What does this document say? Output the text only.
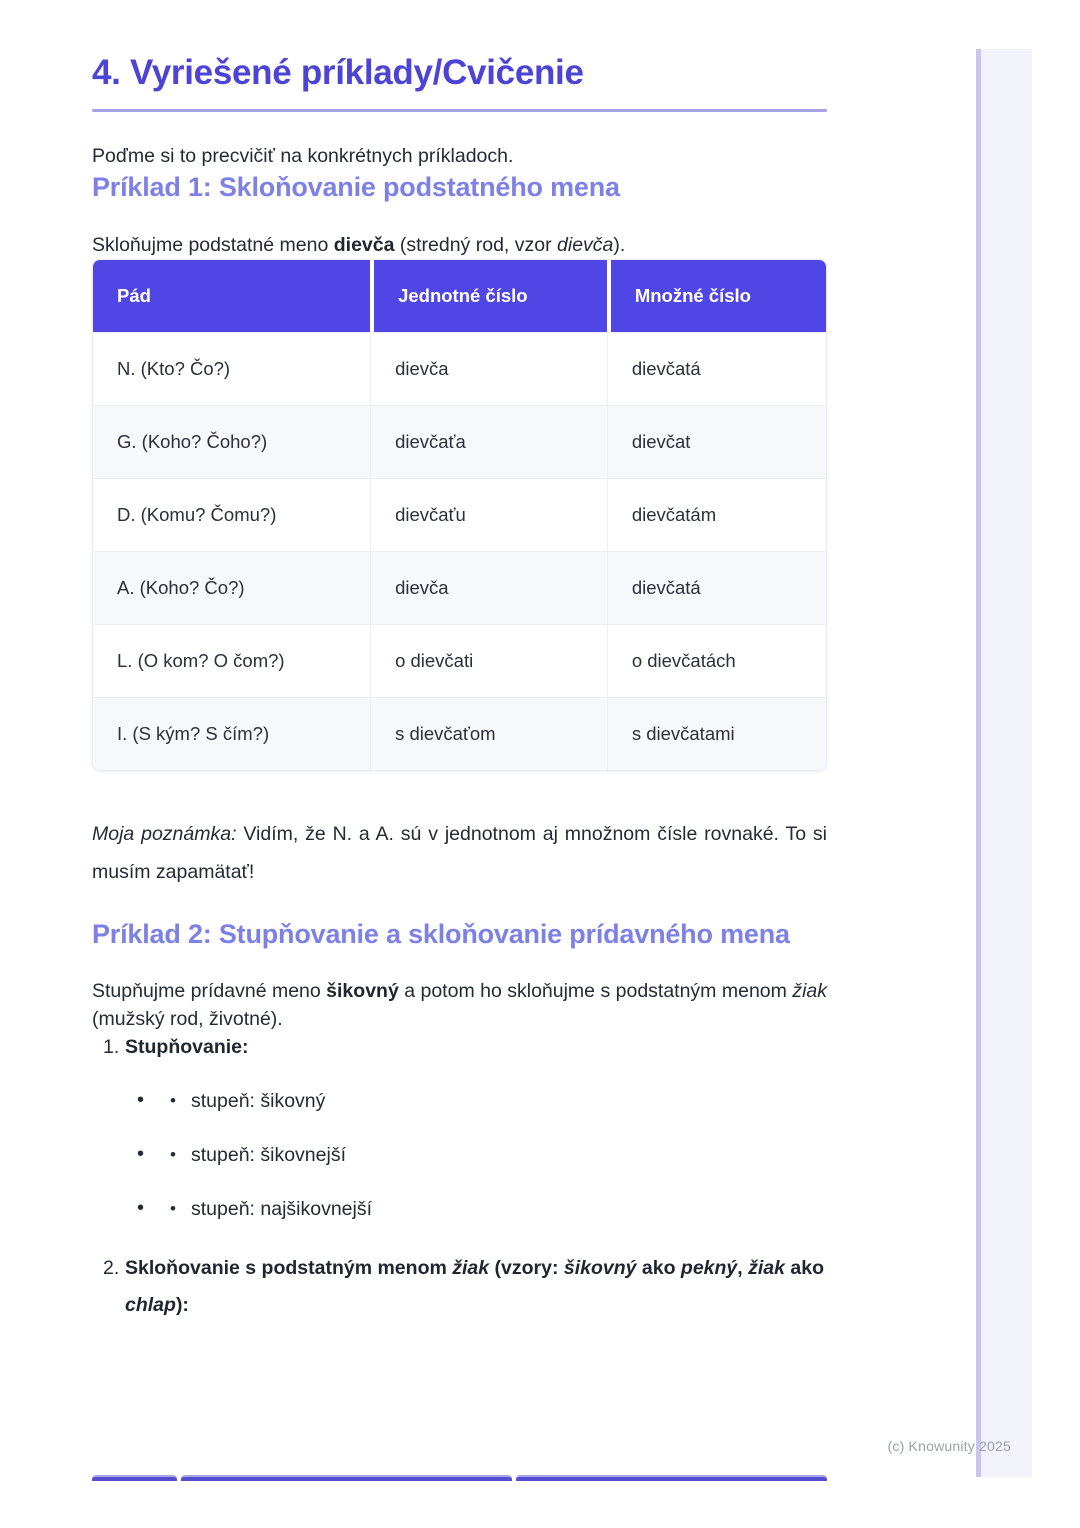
4. Vyriešené príklady/Cvičenie

Poďme si to precvičiť na konkrétnych príkladoch.

Príklad 1: Skloňovanie podstatného mena

Skloňujme podstatné meno dievča (stredný rod, vzor dievča).

Pád	Jednotné číslo	Množné číslo
N. (Kto? Čo?)	dievča	dievčatá
G. (Koho? Čoho?)	dievčaťa	dievčat
D. (Komu? Čomu?)	dievčaťu	dievčatám
A. (Koho? Čo?)	dievča	dievčatá
L. (O kom? O čom?)	o dievčati	o dievčatách
I. (S kým? S čím?)	s dievčaťom	s dievčatami

Moja poznámka: Vidím, že N. a A. sú v jednotnom aj množnom čísle rovnaké. To si musím zapamätať!

Príklad 2: Stupňovanie a skloňovanie prídavného mena

Stupňujme prídavné meno šikovný a potom ho skloňujme s podstatným menom žiak (mužský rod, životné).

1. Stupňovanie:
• • stupeň: šikovný
• • stupeň: šikovnejší
• • stupeň: najšikovnejší
2. Skloňovanie s podstatným menom žiak (vzory: šikovný ako pekný, žiak ako chlap):
(c) Knowunity 2025
